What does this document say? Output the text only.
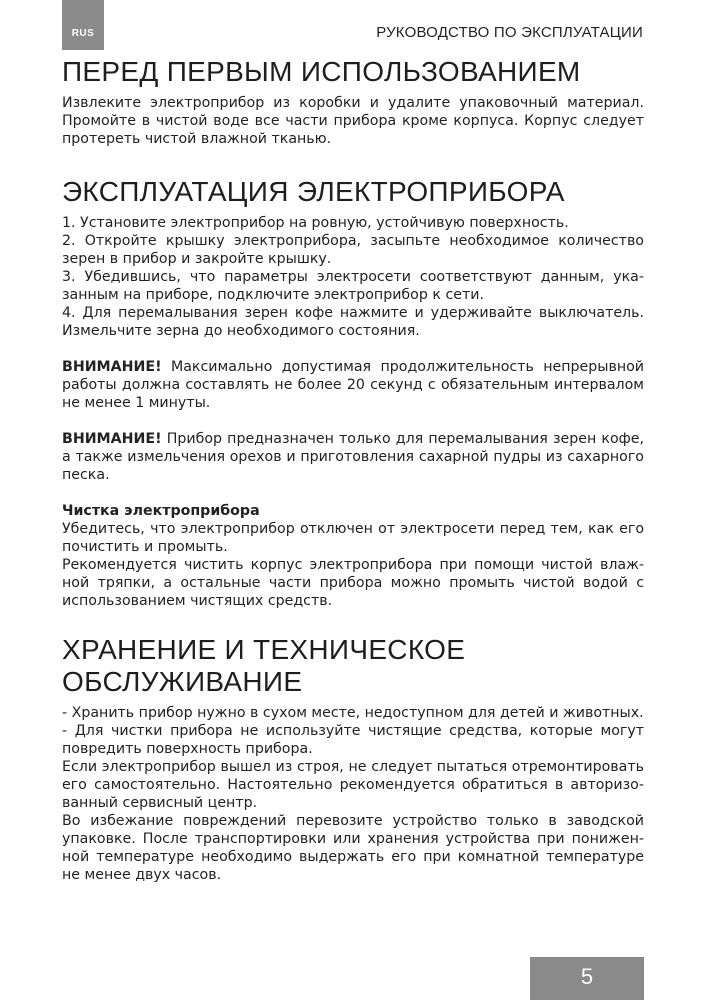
RUS	РУКОВОДСТВО ПО ЭКСПЛУАТАЦИИ
ПЕРЕД ПЕРВЫМ ИСПОЛЬЗОВАНИЕМ

Извлеките электроприбор из коробки и удалите упаковочный материал. Промойте в чистой воде все части прибора кроме корпуса. Корпус следует протереть чистой влажной тканью.

ЭКСПЛУАТАЦИЯ ЭЛЕКТРОПРИБОРА

1. Установите электроприбор на ровную, устойчивую поверхность.

2. Откройте крышку электроприбора, засыпьте необходимое количество зерен в прибор и закройте крышку.

3. Убедившись, что параметры электросети соответствуют данным, указанным на приборе, подключите электроприбор к сети.

4. Для перемалывания зерен кофе нажмите и удерживайте выключатель. Измельчите зерна до необходимого состояния.

ВНИМАНИЕ! Максимально допустимая продолжительность непрерывной работы должна составлять не более 20 секунд с обязательным интервалом не менее 1 минуты.

ВНИМАНИЕ! Прибор предназначен только для перемалывания зерен кофе, а также измельчения орехов и приготовления сахарной пудры из сахарного песка.

Чистка электроприбора

Убедитесь, что электроприбор отключен от электросети перед тем, как его почистить и промыть.

Рекомендуется чистить корпус электроприбора при помощи чистой влажной тряпки, а остальные части прибора можно промыть чистой водой с использованием чистящих средств.

ХРАНЕНИЕ И ТЕХНИЧЕСКОЕ
ОБСЛУЖИВАНИЕ

- Хранить прибор нужно в сухом месте, недоступном для детей и животных.

- Для чистки прибора не используйте чистящие средства, которые могут повредить поверхность прибора.

Если электроприбор вышел из строя, не следует пытаться отремонтировать его самостоятельно. Настоятельно рекомендуется обратиться в авторизованный сервисный центр.

Во избежание повреждений перевозите устройство только в заводской упаковке. После транспортировки или хранения устройства при пониженной температуре необходимо выдержать его при комнатной температуре не менее двух часов.

5
